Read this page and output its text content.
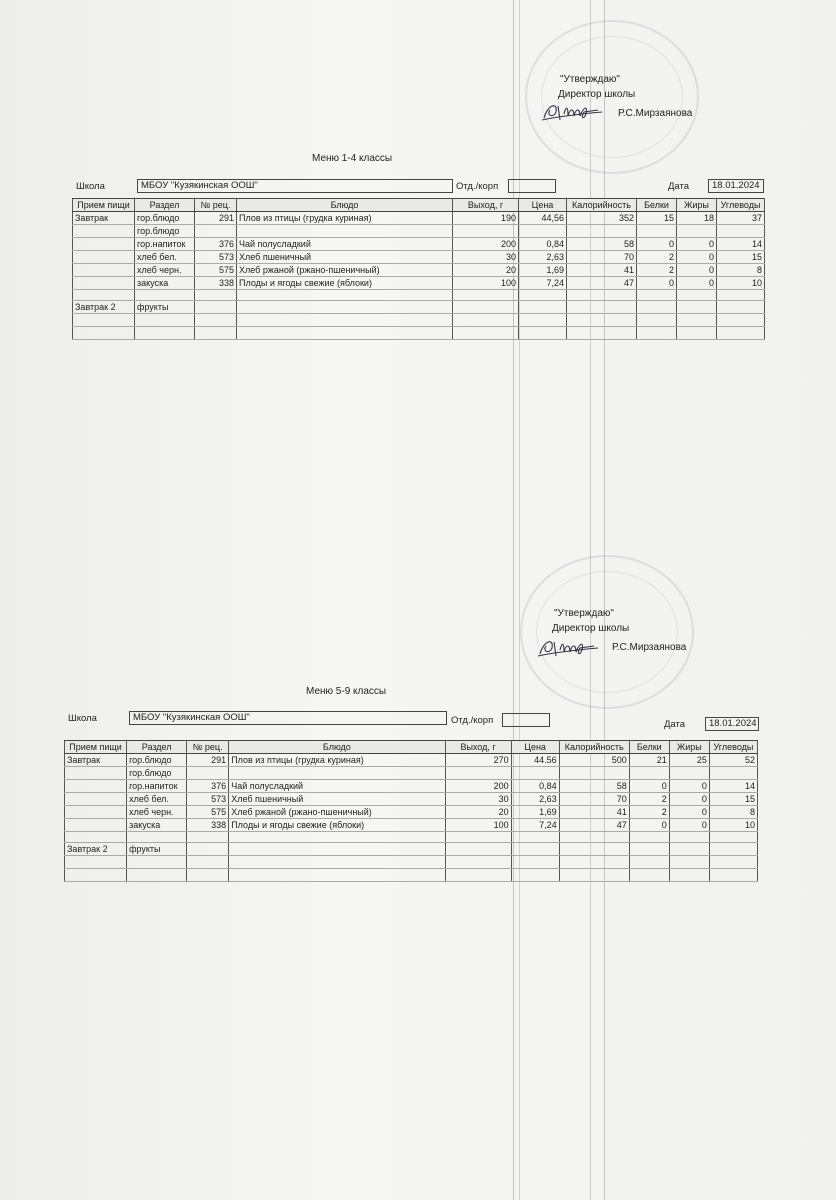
"Утверждаю"
Директор школы
Р.С.Мирзаянова
Меню 1-4 классы
Школа	МБОУ "Кузякинская ООШ"	Отд./корп	Дата	18.01.2024
Прием пищи	Раздел	№ рец.	Блюдо	Выход, г	Цена	Калорийность	Белки	Жиры	Углеводы
Завтрак	гор.блюдо	291	Плов из птицы (грудка куриная)	190	44,56	352	15	18	37
	гор.блюдо								
	гор.напиток	376	Чай полусладкий	200	0,84	58	0	0	14
	хлеб бел.	573	Хлеб пшеничный	30	2,63	70	2	0	15
	хлеб черн.	575	Хлеб ржаной (ржано-пшеничный)	20	1,69	41	2	0	8
	закуска	338	Плоды и ягоды свежие (яблоки)	100	7,24	47	0	0	10

Завтрак 2	фрукты								

"Утверждаю"
Директор школы
Р.С.Мирзаянова
Меню 5-9 классы
Школа	МБОУ "Кузякинская ООШ"	Отд./корп	Дата	18.01.2024
Прием пищи	Раздел	№ рец.	Блюдо	Выход, г	Цена	Калорийность	Белки	Жиры	Углеводы
Завтрак	гор.блюдо	291	Плов из птицы (грудка куриная)	270	44.56	500	21	25	52
	гор.блюдо								
	гор.напиток	376	Чай полусладкий	200	0,84	58	0	0	14
	хлеб бел.	573	Хлеб пшеничный	30	2,63	70	2	0	15
	хлеб черн.	575	Хлеб ржаной (ржано-пшеничный)	20	1,69	41	2	0	8
	закуска	338	Плоды и ягоды свежие (яблоки)	100	7,24	47	0	0	10

Завтрак 2	фрукты								
